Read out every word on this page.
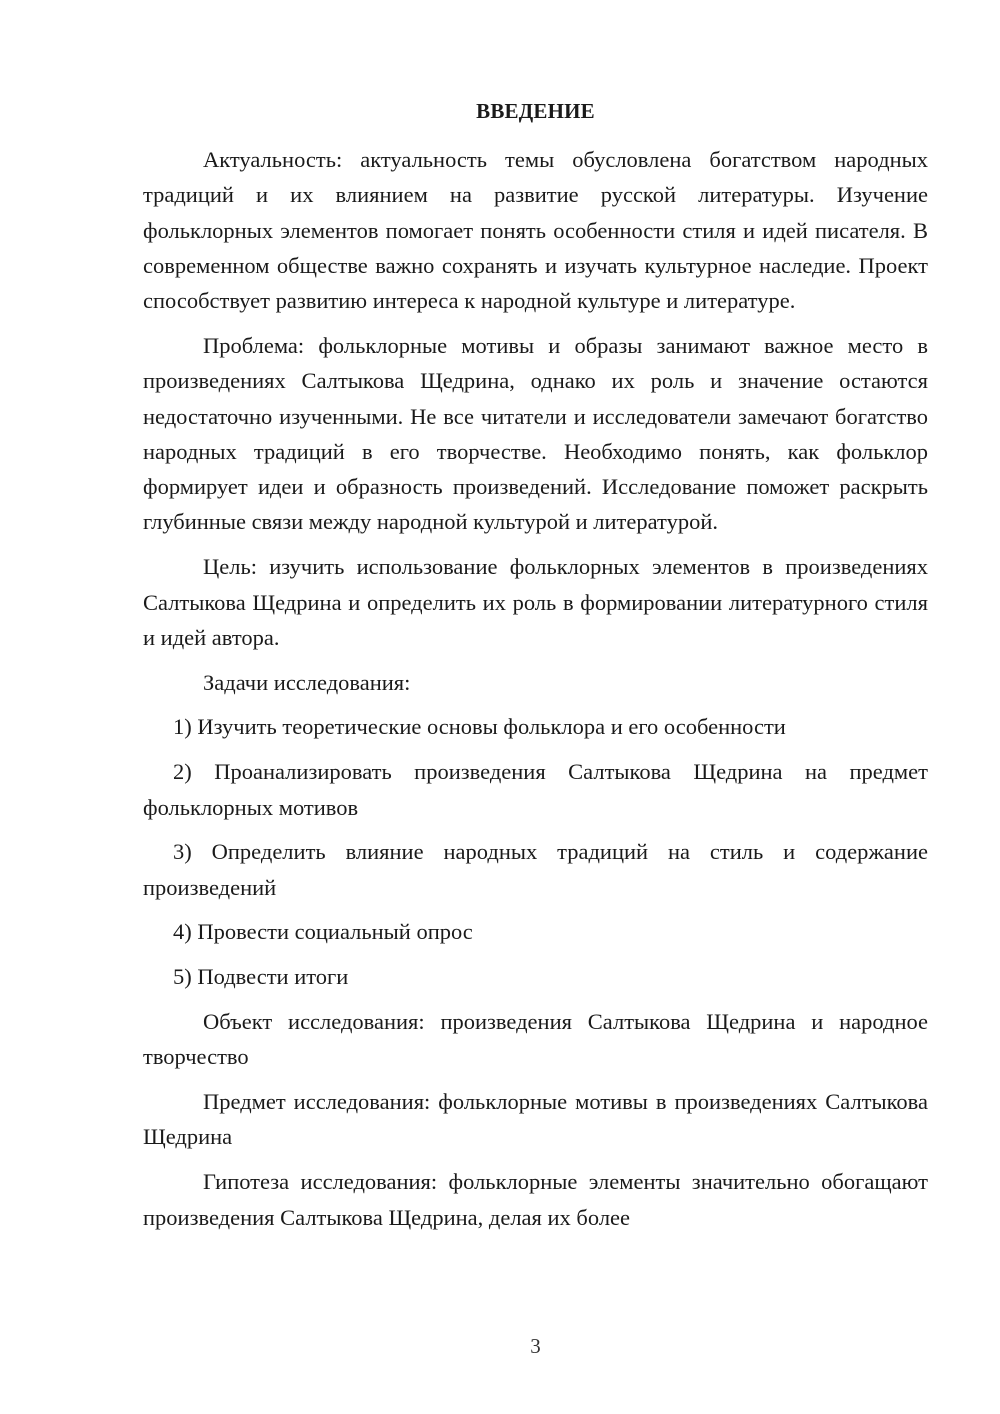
ВВЕДЕНИЕ

Актуальность: актуальность темы обусловлена богатством народных традиций и их влиянием на развитие русской литературы. Изучение фольклорных элементов помогает понять особенности стиля и идей писателя. В современном обществе важно сохранять и изучать культурное наследие. Проект способствует развитию интереса к народной культуре и литературе.

Проблема: фольклорные мотивы и образы занимают важное место в произведениях Салтыкова Щедрина, однако их роль и значение остаются недостаточно изученными. Не все читатели и исследователи замечают богатство народных традиций в его творчестве. Необходимо понять, как фольклор формирует идеи и образность произведений. Исследование поможет раскрыть глубинные связи между народной культурой и литературой.

Цель: изучить использование фольклорных элементов в произведениях Салтыкова Щедрина и определить их роль в формировании литературного стиля и идей автора.

Задачи исследования:

1) Изучить теоретические основы фольклора и его особенности

2) Проанализировать произведения Салтыкова Щедрина на предмет фольклорных мотивов

3) Определить влияние народных традиций на стиль и содержание произведений

4) Провести социальный опрос

5) Подвести итоги

Объект исследования: произведения Салтыкова Щедрина и народное творчество

Предмет исследования: фольклорные мотивы в произведениях Салтыкова Щедрина

Гипотеза исследования: фольклорные элементы значительно обогащают произведения Салтыкова Щедрина, делая их более

3
